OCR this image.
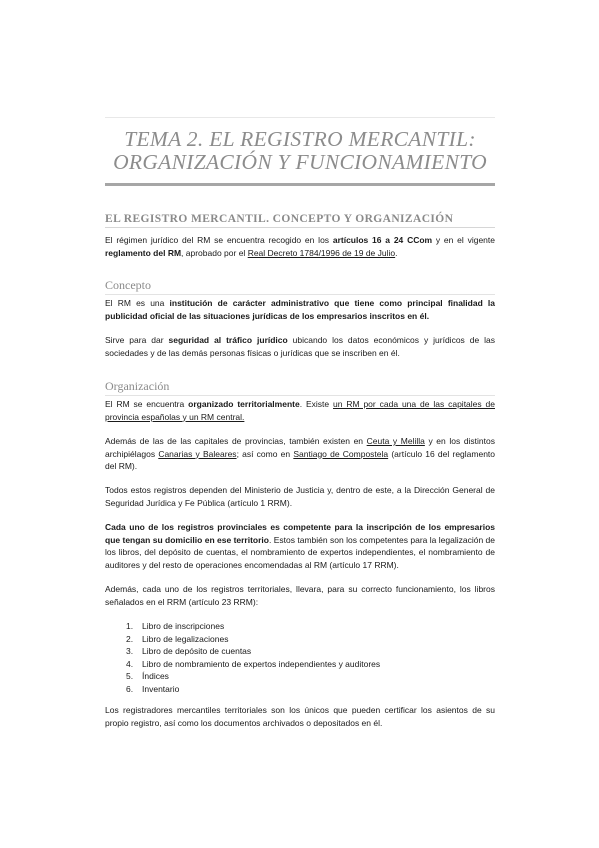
TEMA 2. EL REGISTRO MERCANTIL:
ORGANIZACIÓN Y FUNCIONAMIENTO
EL REGISTRO MERCANTIL. CONCEPTO Y ORGANIZACIÓN
El régimen jurídico del RM se encuentra recogido en los artículos 16 a 24 CCom y en el vigente reglamento del RM, aprobado por el Real Decreto 1784/1996 de 19 de Julio.
Concepto
El RM es una institución de carácter administrativo que tiene como principal finalidad la publicidad oficial de las situaciones jurídicas de los empresarios inscritos en él.
Sirve para dar seguridad al tráfico jurídico ubicando los datos económicos y jurídicos de las sociedades y de las demás personas físicas o jurídicas que se inscriben en él.
Organización
El RM se encuentra organizado territorialmente. Existe un RM por cada una de las capitales de provincia españolas y un RM central.
Además de las de las capitales de provincias, también existen en Ceuta y Melilla y en los distintos archipiélagos Canarias y Baleares; así como en Santiago de Compostela (artículo 16 del reglamento del RM).
Todos estos registros dependen del Ministerio de Justicia y, dentro de este, a la Dirección General de Seguridad Jurídica y Fe Pública (artículo 1 RRM).
Cada uno de los registros provinciales es competente para la inscripción de los empresarios que tengan su domicilio en ese territorio. Estos también son los competentes para la legalización de los libros, del depósito de cuentas, el nombramiento de expertos independientes, el nombramiento de auditores y del resto de operaciones encomendadas al RM (artículo 17 RRM).
Además, cada uno de los registros territoriales, llevara, para su correcto funcionamiento, los libros señalados en el RRM (artículo 23 RRM):
1. Libro de inscripciones
2. Libro de legalizaciones
3. Libro de depósito de cuentas
4. Libro de nombramiento de expertos independientes y auditores
5. Índices
6. Inventario
Los registradores mercantiles territoriales son los únicos que pueden certificar los asientos de su propio registro, así como los documentos archivados o depositados en él.
